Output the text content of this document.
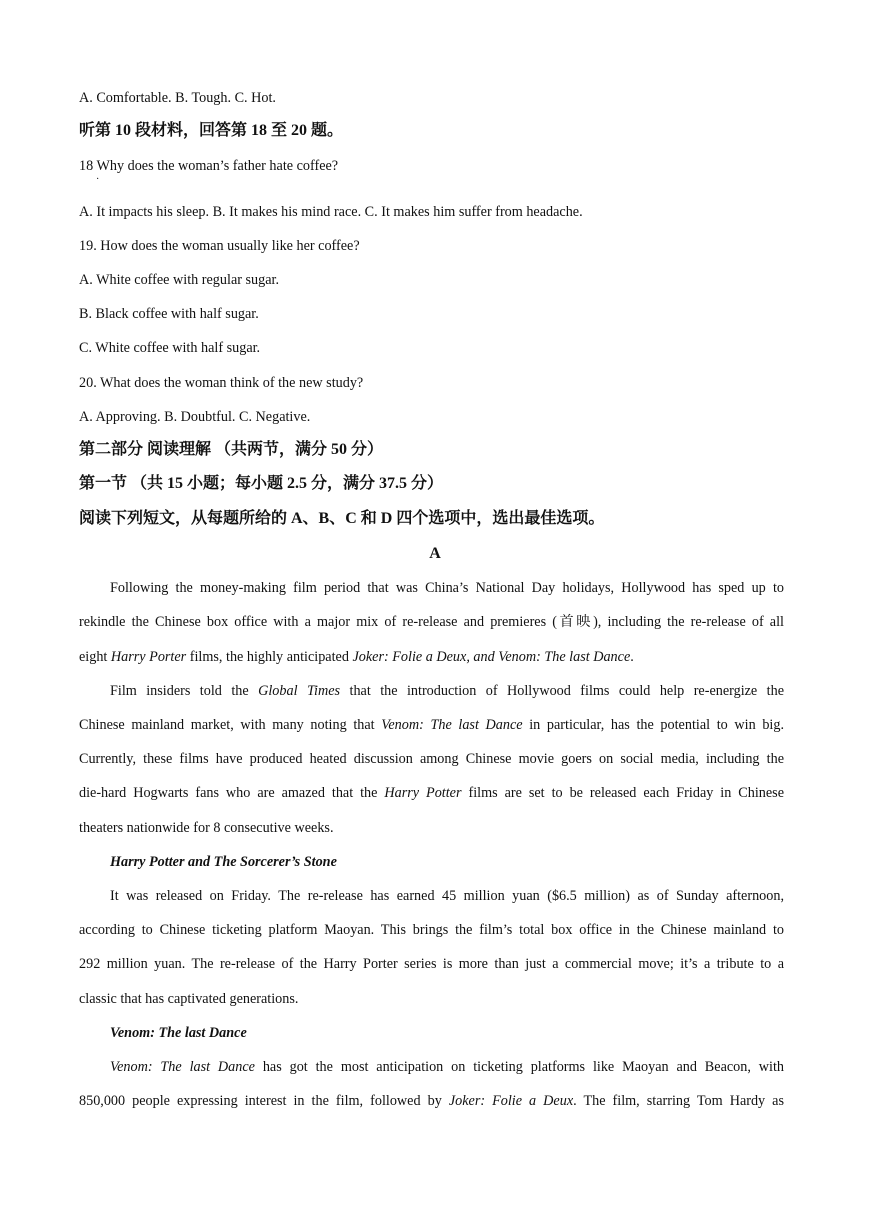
A. Comfortable. B. Tough. C. Hot.
听第 10 段材料，回答第 18 至 20 题。
18 Why does the woman’s father hate coffee?
·
A. It impacts his sleep. B. It makes his mind race. C. It makes him suffer from headache.
19. How does the woman usually like her coffee?
A. White coffee with regular sugar.
B. Black coffee with half sugar.
C. White coffee with half sugar.
20. What does the woman think of the new study?
A. Approving. B. Doubtful. C. Negative.
第二部分 阅读理解 （共两节，满分 50 分）
第一节 （共 15 小题；每小题 2.5 分，满分 37.5 分）
阅读下列短文，从每题所给的 A、B、C 和 D 四个选项中，选出最佳选项。
A
Following the money-making film period that was China’s National Day holidays, Hollywood has sped up to
rekindle the Chinese box office with a major mix of re-release and premieres (首映), including the re-release of all
eight Harry Porter films, the highly anticipated Joker: Folie a Deux, and Venom: The last Dance.
Film insiders told the Global Times that the introduction of Hollywood films could help re-energize the
Chinese mainland market, with many noting that Venom: The last Dance in particular, has the potential to win big.
Currently, these films have produced heated discussion among Chinese movie goers on social media, including the
die-hard Hogwarts fans who are amazed that the Harry Potter films are set to be released each Friday in Chinese
theaters nationwide for 8 consecutive weeks.
Harry Potter and The Sorcerer’s Stone
It was released on Friday. The re-release has earned 45 million yuan ($6.5 million) as of Sunday afternoon,
according to Chinese ticketing platform Maoyan. This brings the film’s total box office in the Chinese mainland to
292 million yuan. The re-release of the Harry Porter series is more than just a commercial move; it’s a tribute to a
classic that has captivated generations.
Venom: The last Dance
Venom: The last Dance has got the most anticipation on ticketing platforms like Maoyan and Beacon, with
850,000 people expressing interest in the film, followed by Joker: Folie a Deux. The film, starring Tom Hardy as
